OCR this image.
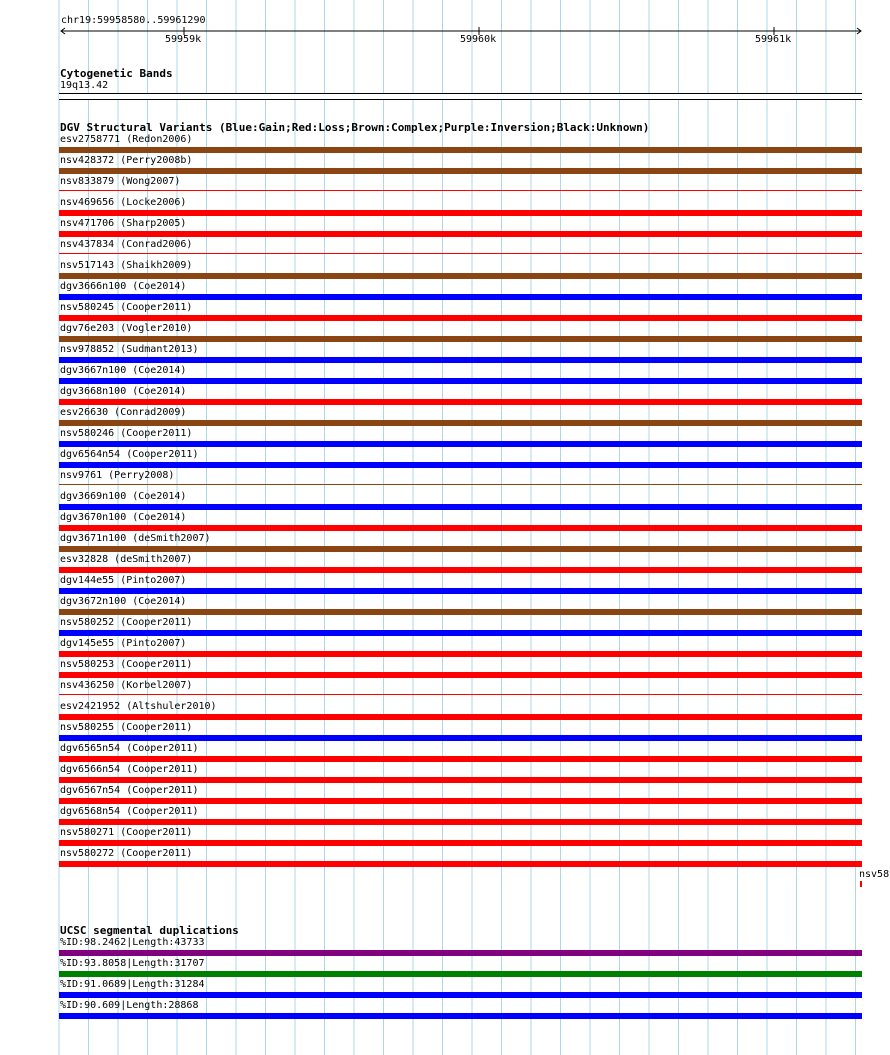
chr19:59958580..59961290
59959k	59960k	59961k
Cytogenetic Bands
19q13.42
DGV Structural Variants (Blue:Gain;Red:Loss;Brown:Complex;Purple:Inversion;Black:Unknown)
esv2758771 (Redon2006)
nsv428372 (Perry2008b)
nsv833879 (Wong2007)
nsv469656 (Locke2006)
nsv471706 (Sharp2005)
nsv437834 (Conrad2006)
nsv517143 (Shaikh2009)
dgv3666n100 (Coe2014)
nsv580245 (Cooper2011)
dgv76e203 (Vogler2010)
nsv978852 (Sudmant2013)
dgv3667n100 (Coe2014)
dgv3668n100 (Coe2014)
esv26630 (Conrad2009)
nsv580246 (Cooper2011)
dgv6564n54 (Cooper2011)
nsv9761 (Perry2008)
dgv3669n100 (Coe2014)
dgv3670n100 (Coe2014)
dgv3671n100 (deSmith2007)
esv32828 (deSmith2007)
dgv144e55 (Pinto2007)
dgv3672n100 (Coe2014)
nsv580252 (Cooper2011)
dgv145e55 (Pinto2007)
nsv580253 (Cooper2011)
nsv436250 (Korbel2007)
esv2421952 (Altshuler2010)
nsv580255 (Cooper2011)
dgv6565n54 (Cooper2011)
dgv6566n54 (Cooper2011)
dgv6567n54 (Cooper2011)
dgv6568n54 (Cooper2011)
nsv580271 (Cooper2011)
nsv580272 (Cooper2011)
nsv58
UCSC segmental duplications
%ID:98.2462|Length:43733
%ID:93.8058|Length:31707
%ID:91.0689|Length:31284
%ID:90.609|Length:28868
